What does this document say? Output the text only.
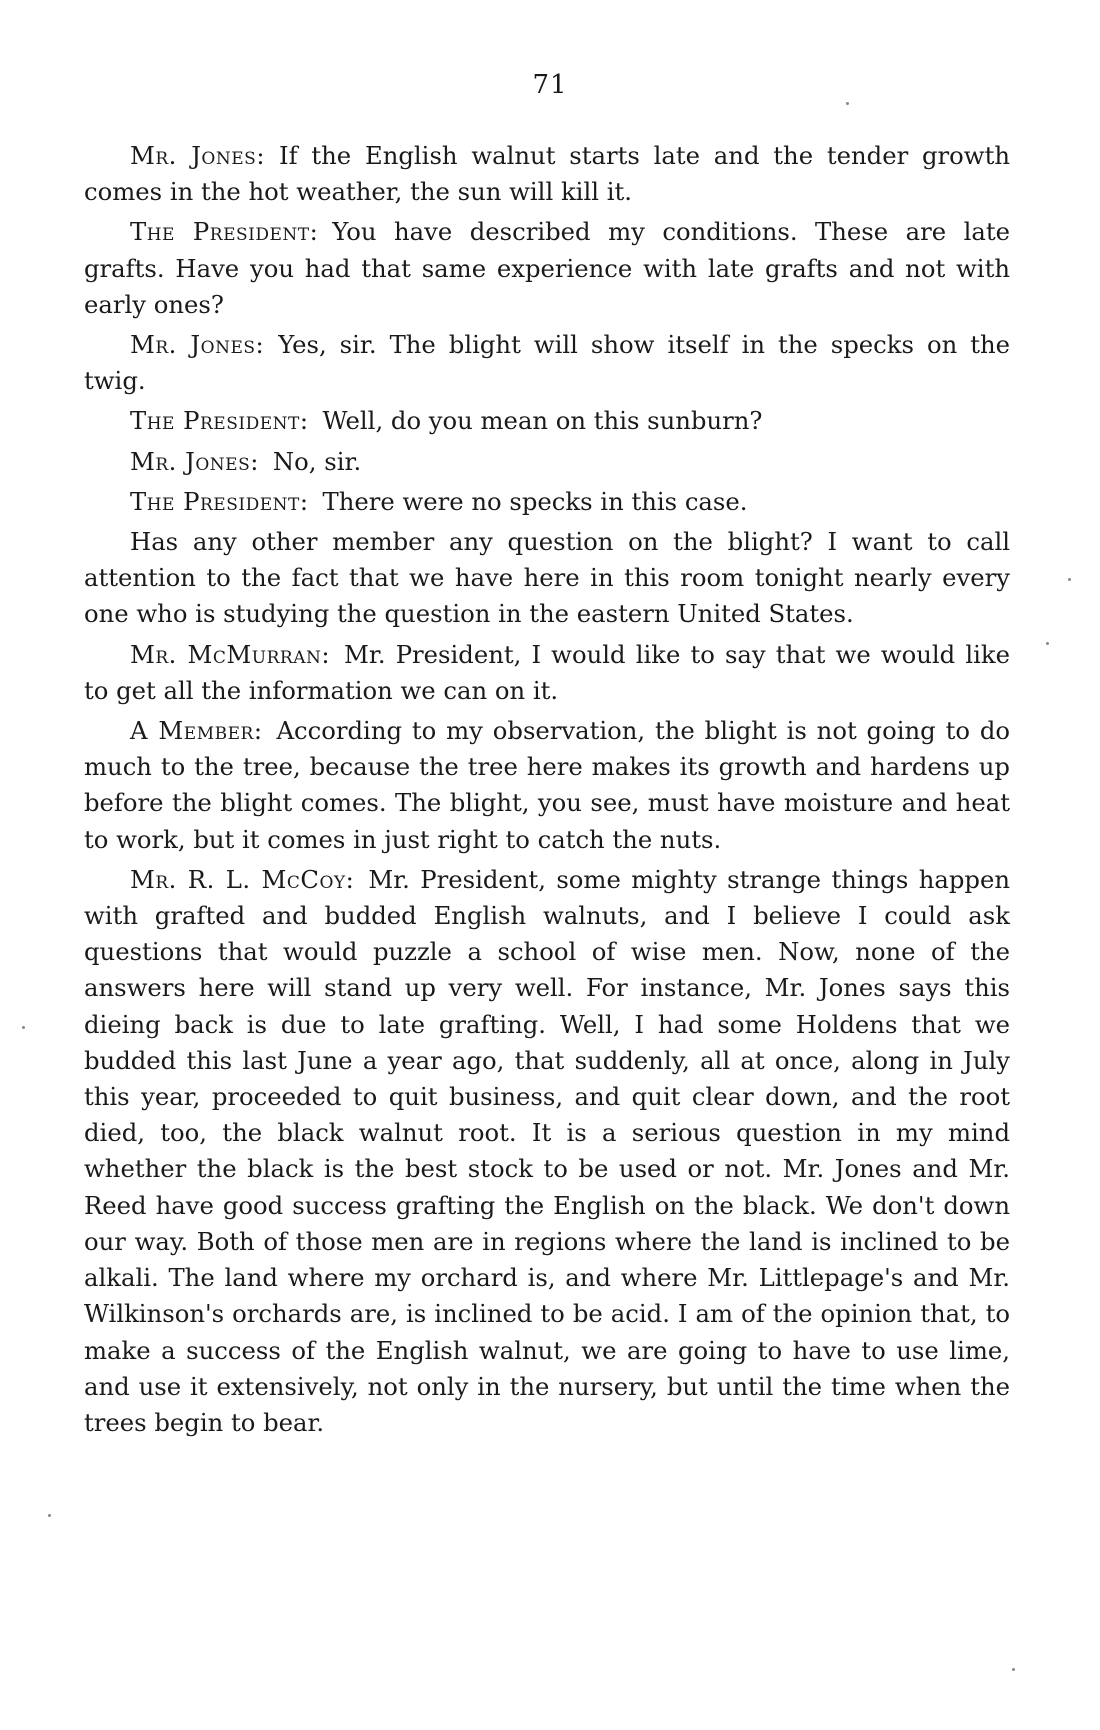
71

Mr. Jones : If the English walnut starts late and the tender growth comes in the hot weather, the sun will kill it.

The President : You have described my conditions. These are late grafts. Have you had that same experience with late grafts and not with early ones?

Mr. Jones : Yes, sir. The blight will show itself in the specks on the twig.

The President : Well, do you mean on this sunburn?

Mr. Jones : No, sir.

The President : There were no specks in this case.

Has any other member any question on the blight? I want to call attention to the fact that we have here in this room tonight nearly every one who is studying the question in the eastern United States.

Mr. McMurran : Mr. President, I would like to say that we would like to get all the information we can on it.

A Member : According to my observation, the blight is not going to do much to the tree, because the tree here makes its growth and hardens up before the blight comes. The blight, you see, must have moisture and heat to work, but it comes in just right to catch the nuts.

Mr. R. L. McCoy : Mr. President, some mighty strange things happen with grafted and budded English walnuts, and I believe I could ask questions that would puzzle a school of wise men. Now, none of the answers here will stand up very well. For instance, Mr. Jones says this dieing back is due to late grafting. Well, I had some Holdens that we budded this last June a year ago, that suddenly, all at once, along in July this year, proceeded to quit business, and quit clear down, and the root died, too, the black walnut root. It is a serious question in my mind whether the black is the best stock to be used or not. Mr. Jones and Mr. Reed have good success grafting the English on the black. We don't down our way. Both of those men are in regions where the land is inclined to be alkali. The land where my orchard is, and where Mr. Littlepage's and Mr. Wilkinson's orchards are, is inclined to be acid. I am of the opinion that, to make a success of the English walnut, we are going to have to use lime, and use it extensively, not only in the nursery, but until the time when the trees begin to bear.
